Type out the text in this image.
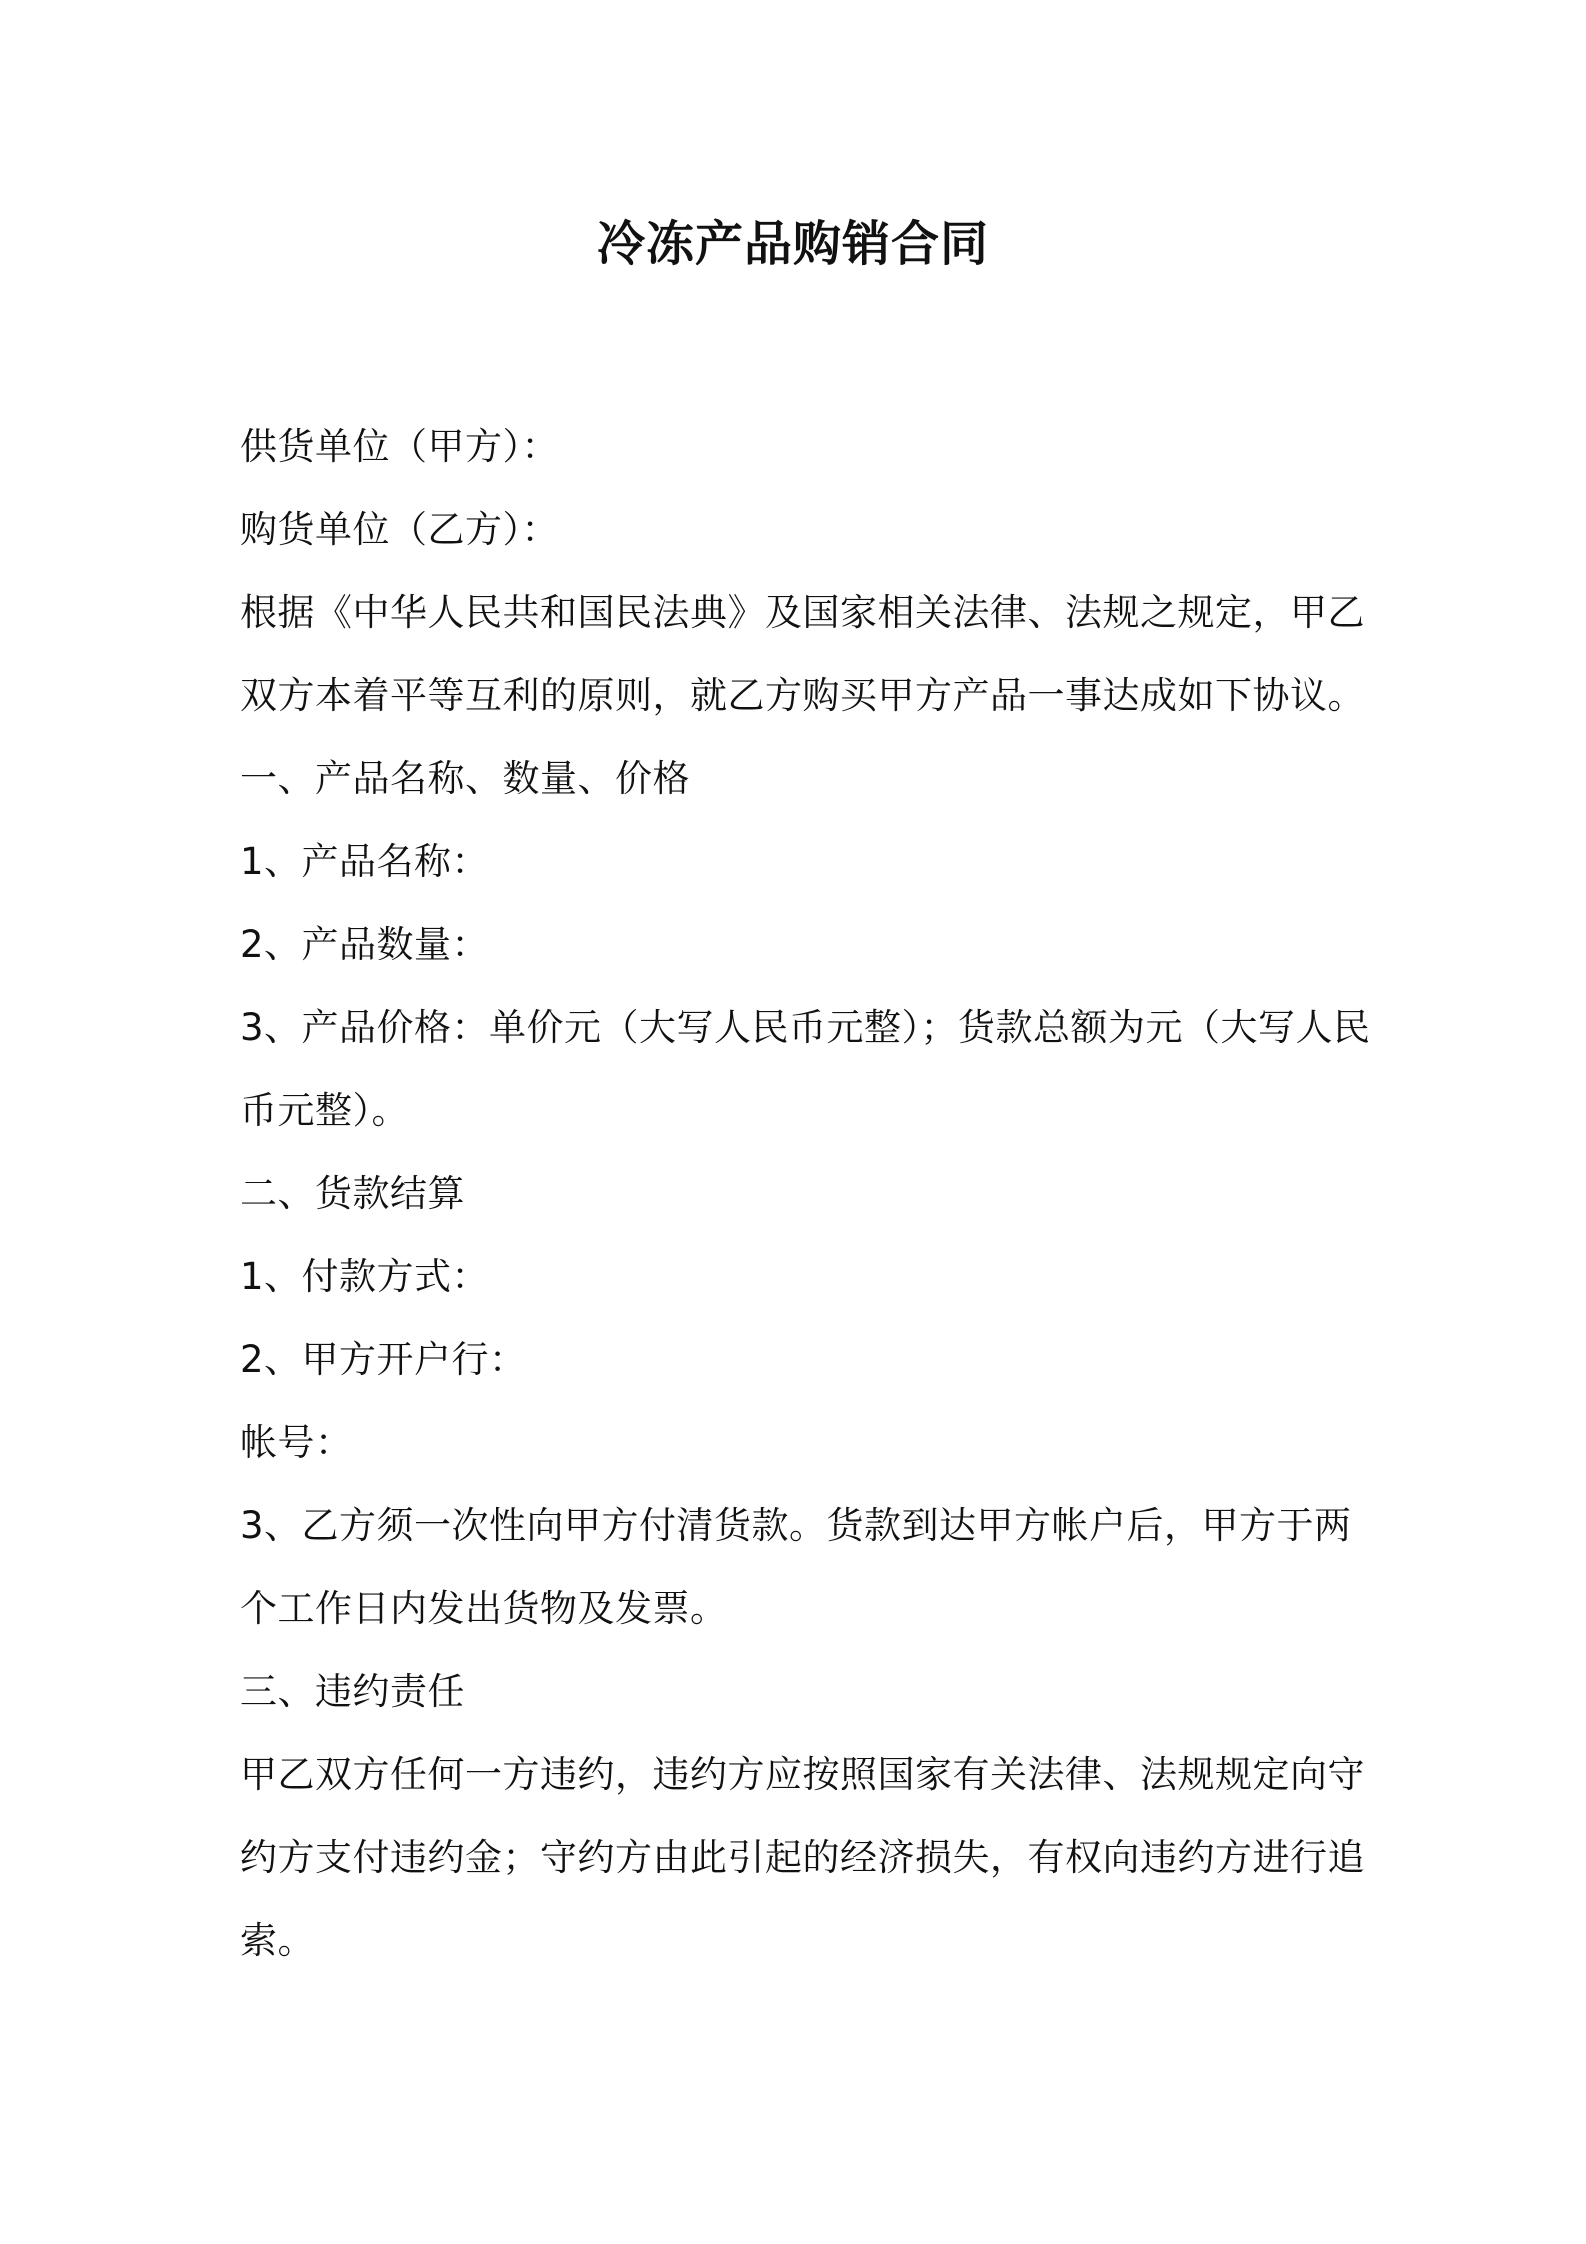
冷冻产品购销合同
供货单位（甲方）：
购货单位（乙方）：
根据《中华人民共和国民法典》及国家相关法律、法规之规定，甲乙
双方本着平等互利的原则，就乙方购买甲方产品一事达成如下协议。
一、产品名称、数量、价格
1、产品名称：
2、产品数量：
3、产品价格：单价元（大写人民币元整）；货款总额为元（大写人民
币元整）。
二、货款结算
1、付款方式：
2、甲方开户行：
帐号：
3、乙方须一次性向甲方付清货款。货款到达甲方帐户后，甲方于两
个工作日内发出货物及发票。
三、违约责任
甲乙双方任何一方违约，违约方应按照国家有关法律、法规规定向守
约方支付违约金；守约方由此引起的经济损失，有权向违约方进行追
索。
